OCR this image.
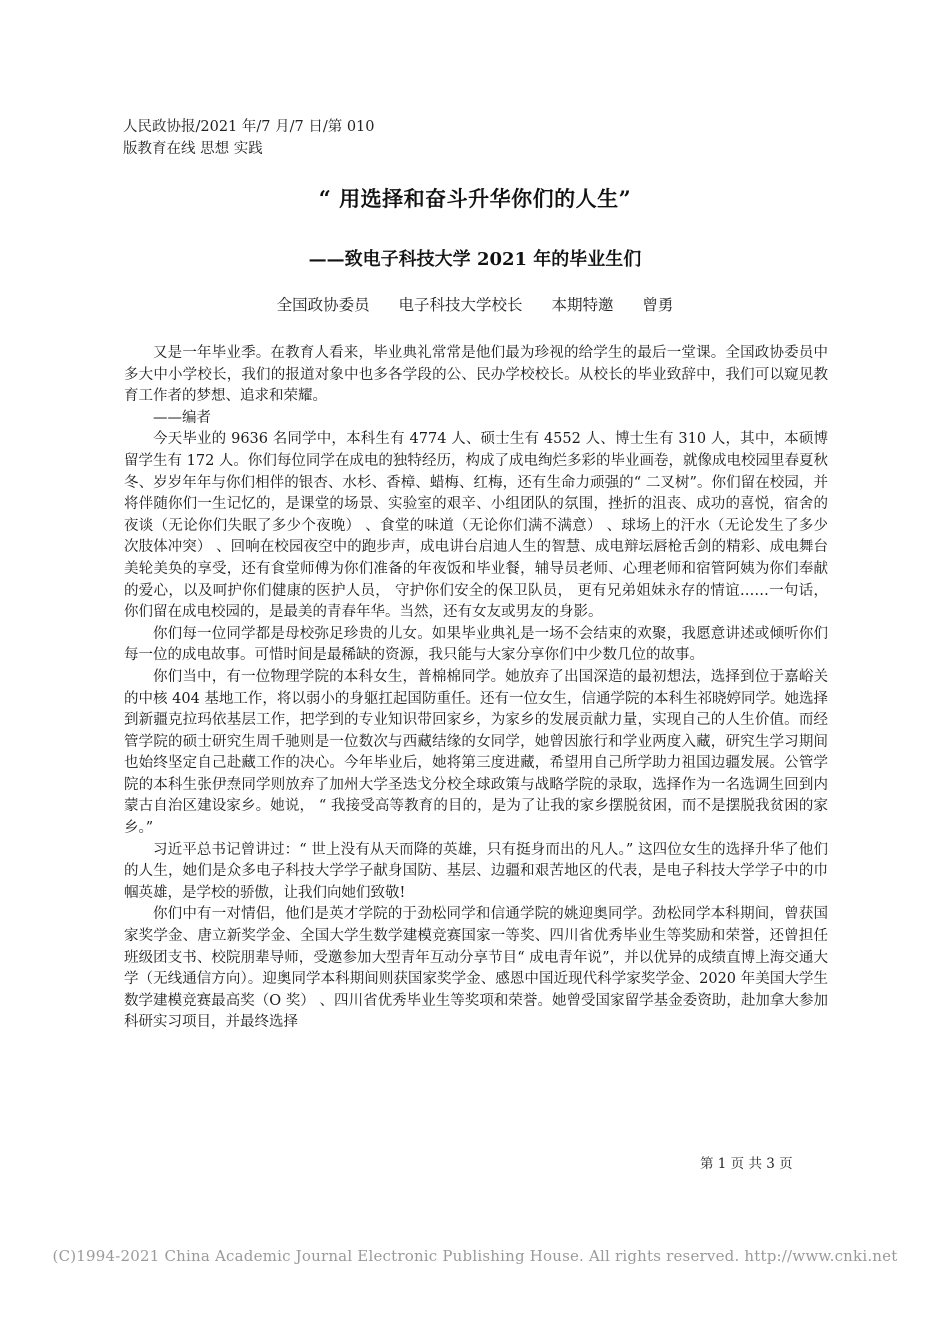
人民政协报/2021 年/7 月/7 日/第 010
版教育在线 思想 实践
“ 用选择和奋斗升华你们的人生”
——致电子科技大学 2021 年的毕业生们
全国政协委员 电子科技大学校长 本期特邀 曾勇

又是一年毕业季。在教育人看来，毕业典礼常常是他们最为珍视的给学生的最后一堂课。全国政协委员中多大中小学校长，我们的报道对象中也多各学段的公、民办学校校长。从校长的毕业致辞中，我们可以窥见教育工作者的梦想、追求和荣耀。

——编者

今天毕业的 9636 名同学中，本科生有 4774 人、硕士生有 4552 人、博士生有 310 人，其中，本硕博留学生有 172 人。你们每位同学在成电的独特经历，构成了成电绚烂多彩的毕业画卷，就像成电校园里春夏秋冬、岁岁年年与你们相伴的银杏、水杉、香樟、蜡梅、红梅，还有生命力顽强的“ 二叉树”。你们留在校园，并将伴随你们一生记忆的，是课堂的场景、实验室的艰辛、小组团队的氛围，挫折的沮丧、成功的喜悦，宿舍的夜谈（无论你们失眠了多少个夜晚） 、食堂的味道（无论你们满不满意） 、球场上的汗水（无论发生了多少次肢体冲突） 、回响在校园夜空中的跑步声，成电讲台启迪人生的智慧、成电辩坛唇枪舌剑的精彩、成电舞台美轮美奂的享受，还有食堂师傅为你们准备的年夜饭和毕业餐，辅导员老师、心理老师和宿管阿姨为你们奉献的爱心，以及呵护你们健康的医护人员， 守护你们安全的保卫队员， 更有兄弟姐妹永存的情谊……一句话，你们留在成电校园的，是最美的青春年华。当然，还有女友或男友的身影。

你们每一位同学都是母校弥足珍贵的儿女。如果毕业典礼是一场不会结束的欢聚，我愿意讲述或倾听你们每一位的成电故事。可惜时间是最稀缺的资源，我只能与大家分享你们中少数几位的故事。

你们当中，有一位物理学院的本科女生，普棉棉同学。她放弃了出国深造的最初想法，选择到位于嘉峪关的中核 404 基地工作，将以弱小的身躯扛起国防重任。还有一位女生，信通学院的本科生祁晓婷同学。她选择到新疆克拉玛依基层工作，把学到的专业知识带回家乡，为家乡的发展贡献力量，实现自己的人生价值。而经管学院的硕士研究生周千驰则是一位数次与西藏结缘的女同学，她曾因旅行和学业两度入藏，研究生学习期间也始终坚定自己赴藏工作的决心。今年毕业后，她将第三度进藏，希望用自己所学助力祖国边疆发展。公管学院的本科生张伊焘同学则放弃了加州大学圣迭戈分校全球政策与战略学院的录取，选择作为一名选调生回到内蒙古自治区建设家乡。她说， “ 我接受高等教育的目的，是为了让我的家乡摆脱贫困，而不是摆脱我贫困的家乡。”

习近平总书记曾讲过：“ 世上没有从天而降的英雄，只有挺身而出的凡人。” 这四位女生的选择升华了他们的人生，她们是众多电子科技大学学子献身国防、基层、边疆和艰苦地区的代表，是电子科技大学学子中的巾帼英雄，是学校的骄傲，让我们向她们致敬!

你们中有一对情侣，他们是英才学院的于劲松同学和信通学院的姚迎奥同学。劲松同学本科期间，曾获国家奖学金、唐立新奖学金、全国大学生数学建模竞赛国家一等奖、四川省优秀毕业生等奖励和荣誉，还曾担任班级团支书、校院朋辈导师，受邀参加大型青年互动分享节目“ 成电青年说”，并以优异的成绩直博上海交通大学（无线通信方向）。迎奥同学本科期间则获国家奖学金、感恩中国近现代科学家奖学金、2020 年美国大学生数学建模竞赛最高奖（O 奖） 、四川省优秀毕业生等奖项和荣誉。她曾受国家留学基金委资助，赴加拿大参加科研实习项目，并最终选择

第 1 页 共 3 页
(C)1994-2021 China Academic Journal Electronic Publishing House. All rights reserved. http://www.cnki.net
